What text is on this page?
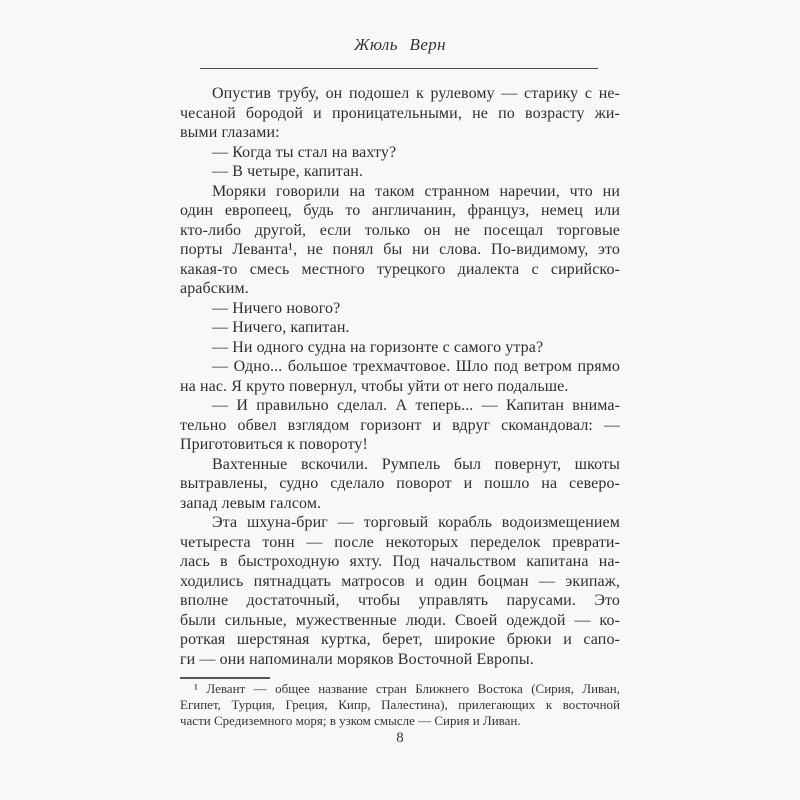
Жюль Верн
Опустив трубу, он подошел к рулевому — старику с не-
чесаной бородой и проницательными, не по возрасту жи-
выми глазами:
— Когда ты стал на вахту?
— В четыре, капитан.
Моряки говорили на таком странном наречии, что ни
один европеец, будь то англичанин, француз, немец или
кто-либо другой, если только он не посещал торговые
порты Леванта¹, не понял бы ни слова. По-видимому, это
какая-то смесь местного турецкого диалекта с сирийско-
арабским.
— Ничего нового?
— Ничего, капитан.
— Ни одного судна на горизонте с самого утра?
— Одно... большое трехмачтовое. Шло под ветром прямо
на нас. Я круто повернул, чтобы уйти от него подальше.
— И правильно сделал. А теперь... — Капитан внима-
тельно обвел взглядом горизонт и вдруг скомандовал: —
Приготовиться к повороту!
Вахтенные вскочили. Румпель был повернут, шкоты
вытравлены, судно сделало поворот и пошло на северо-
запад левым галсом.
Эта шхуна-бриг — торговый корабль водоизмещением
четыреста тонн — после некоторых переделок преврати-
лась в быстроходную яхту. Под начальством капитана на-
ходились пятнадцать матросов и один боцман — экипаж,
вполне достаточный, чтобы управлять парусами. Это
были сильные, мужественные люди. Своей одеждой — ко-
роткая шерстяная куртка, берет, широкие брюки и сапо-
ги — они напоминали моряков Восточной Европы.
¹ Левант — общее название стран Ближнего Востока (Сирия, Ливан,
Египет, Турция, Греция, Кипр, Палестина), прилегающих к восточной
части Средиземного моря; в узком смысле — Сирия и Ливан.
8
